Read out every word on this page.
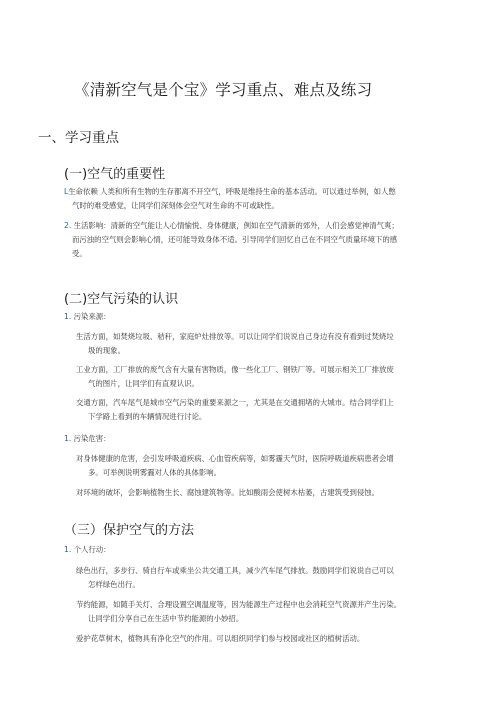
《清新空气是个宝》学习重点、难点及练习
一、学习重点
(一)空气的重要性
L生命依赖 人类和所有生物的生存都离不开空气，呼吸是维持生命的基本活动。可以通过举例，如人憋
气时的难受感觉，让同学们深刻体会空气对生命的不可或缺性。
2. 生活影响：清新的空气能让人心情愉悦、身体健康，例如在空气清新的郊外，人们会感觉神清气爽；
而污浊的空气则会影响心情，还可能导致身体不适。引导同学们回忆自己在不同空气质量环境下的感
受。
(二)空气污染的认识
1. 污染来源：
生活方面，如焚烧垃圾、秸秆，家庭炉灶排放等。可以让同学们说说自己身边有没有看到过焚烧垃
圾的现象。
工业方面，工厂排放的废气含有大量有害物质，像一些化工厂、钢铁厂等。可展示相关工厂排放废
气的图片，让同学们有直观认识。
交通方面，汽车尾气是城市空气污染的重要来源之一，尤其是在交通拥堵的大城市。结合同学们上
下学路上看到的车辆情况进行讨论。
1. 污染危害：
对身体健康的危害，会引发呼吸道疾病、心血管疾病等，如雾霾天气时，医院呼吸道疾病患者会增
多。可举例说明雾霾对人体的具体影响。
对环境的破坏，会影响植物生长、腐蚀建筑物等。比如酸雨会使树木枯萎，古建筑受到侵蚀。
（三）保护空气的方法
1. 个人行动：
绿色出行，多步行、骑自行车或乘坐公共交通工具，减少汽车尾气排放。鼓励同学们说说自己可以
怎样绿色出行。
节约能源，如随手关灯、合理设置空调温度等，因为能源生产过程中也会消耗空气资源并产生污染。
让同学们分享自己在生活中节约能源的小妙招。
爱护花草树木，植物具有净化空气的作用。可以组织同学们参与校园或社区的植树活动。
